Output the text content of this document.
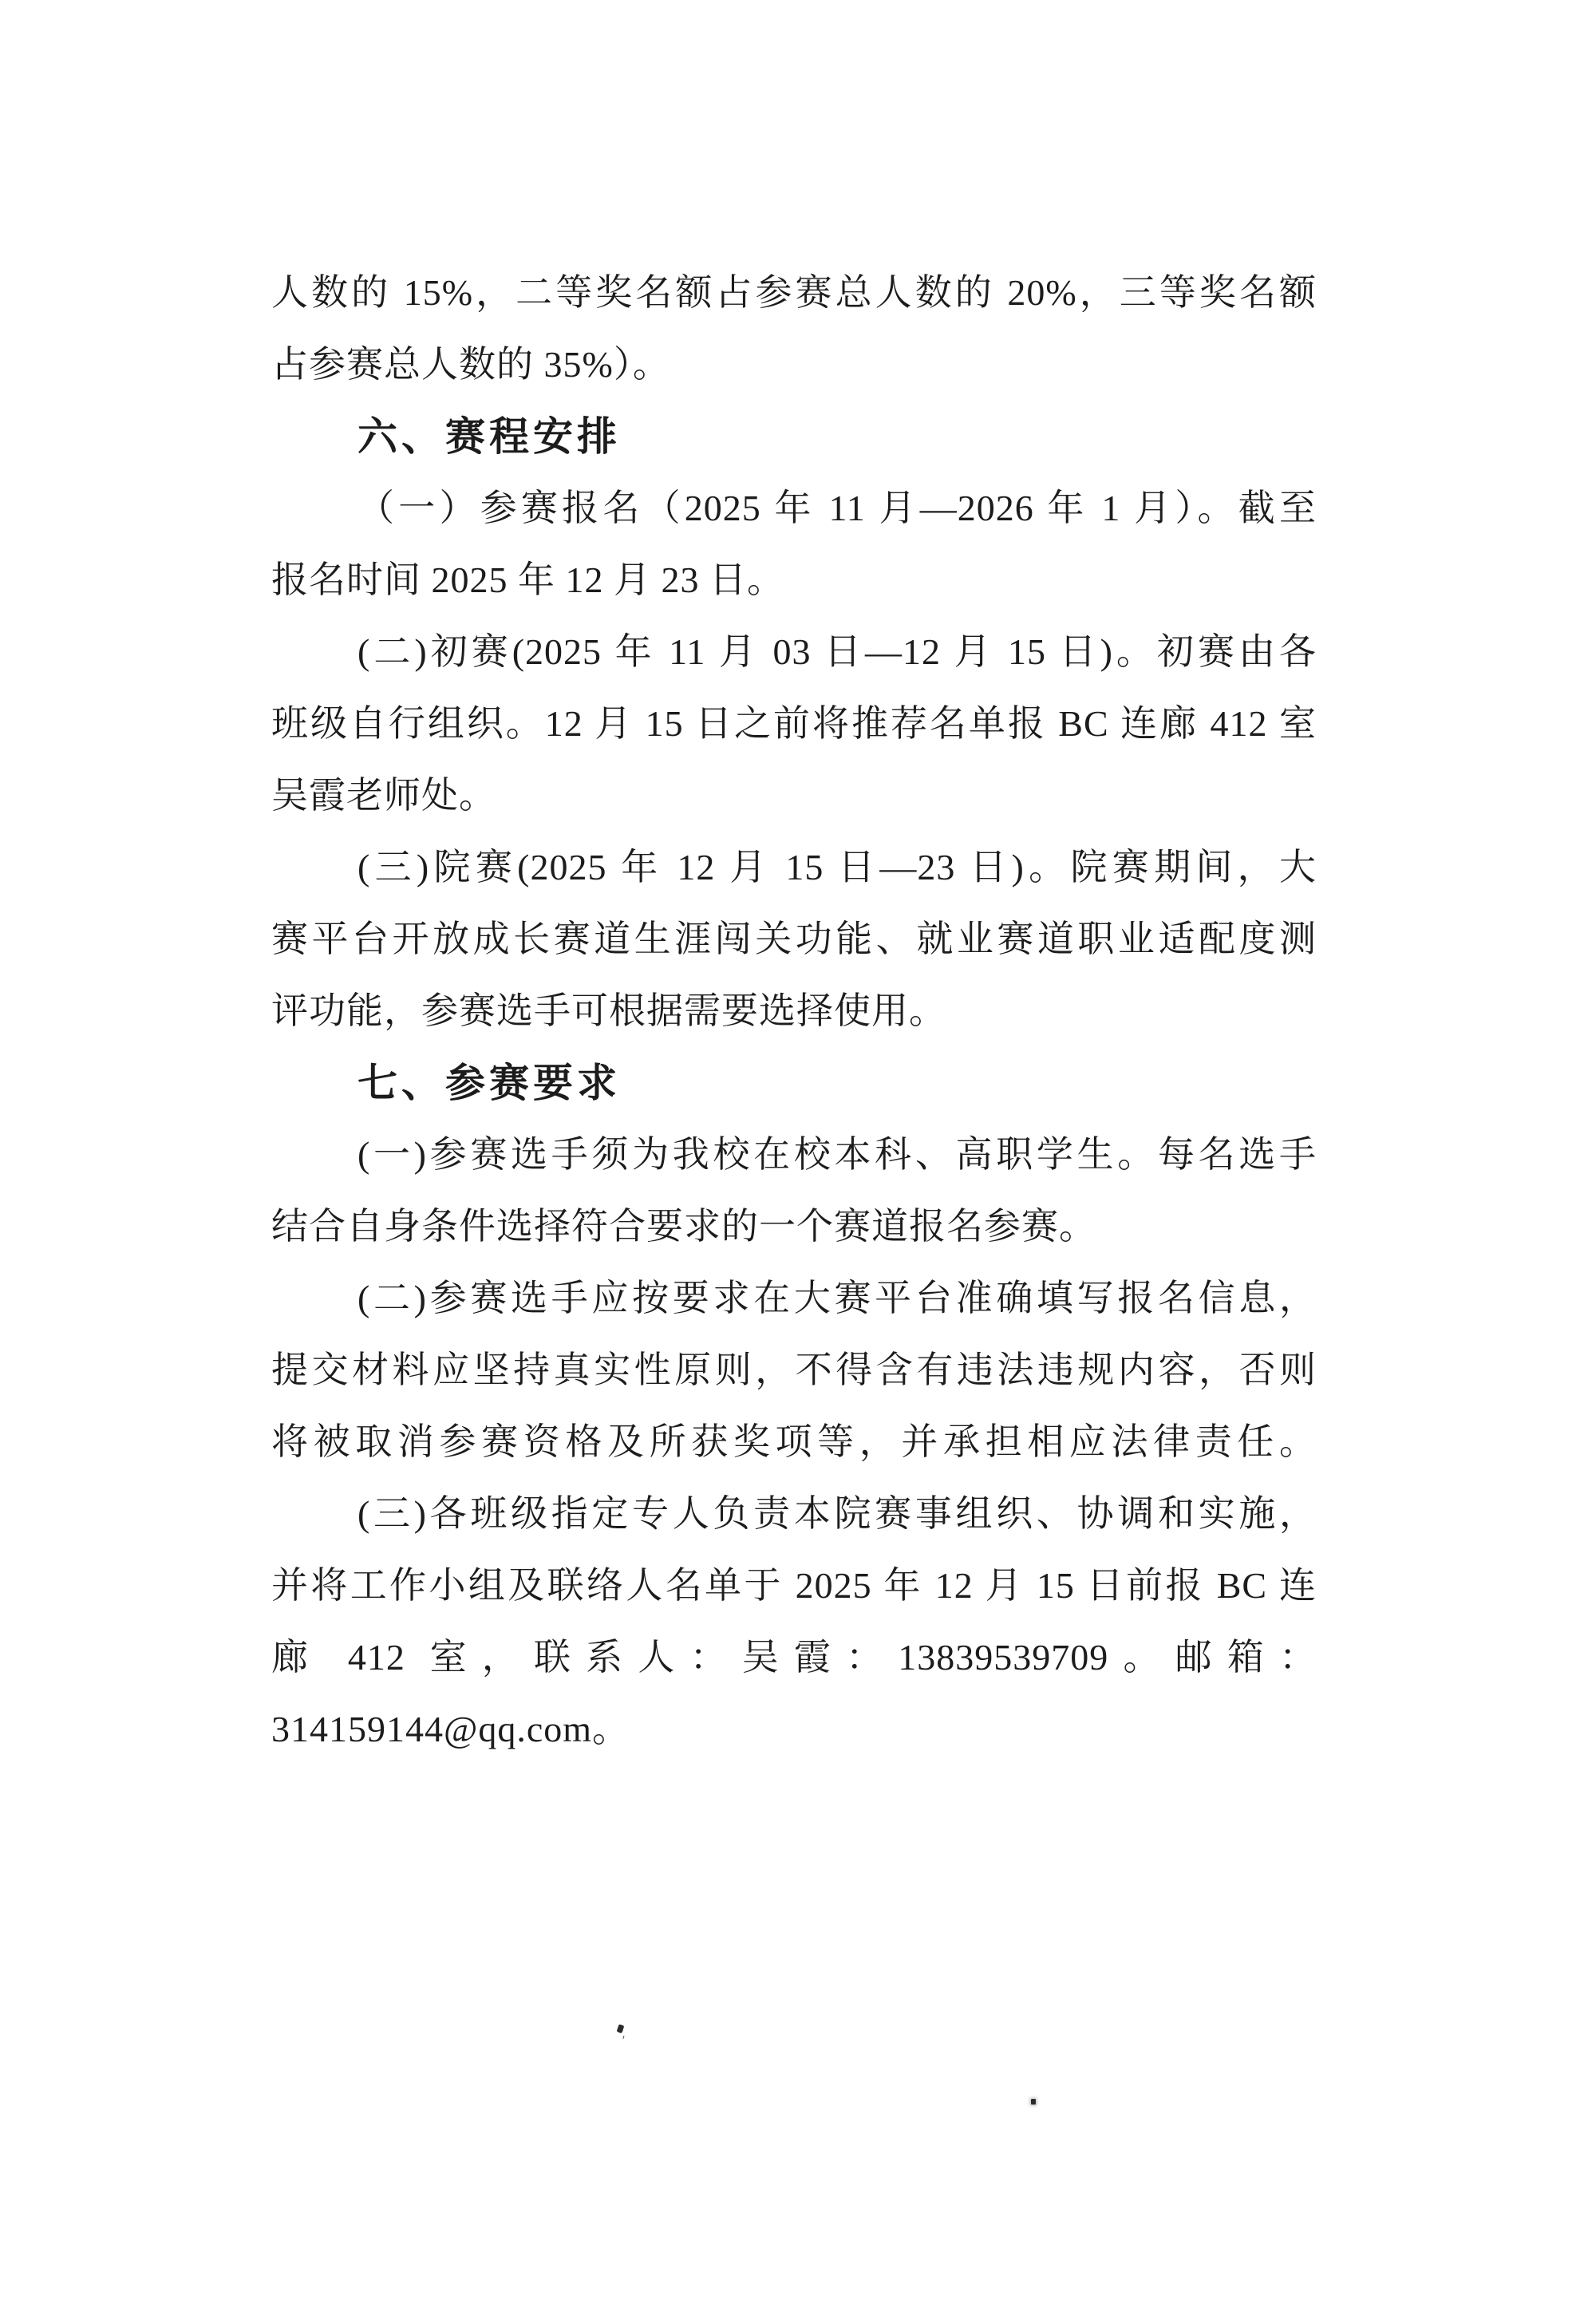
人数的 15%，二等奖名额占参赛总人数的 20%，三等奖名额
占参赛总人数的 35%）。
六、赛程安排
（一）参赛报名（2025 年 11 月—2026 年 1 月）。截至
报名时间 2025 年 12 月 23 日。
(二)初赛(2025 年 11 月 03 日—12 月 15 日)。初赛由各
班级自行组织。12 月 15 日之前将推荐名单报 BC 连廊 412 室
吴霞老师处。
(三)院赛(2025 年 12 月 15 日—23 日)。院赛期间，大
赛平台开放成长赛道生涯闯关功能、就业赛道职业适配度测
评功能，参赛选手可根据需要选择使用。
七、参赛要求
(一)参赛选手须为我校在校本科、高职学生。每名选手
结合自身条件选择符合要求的一个赛道报名参赛。
(二)参赛选手应按要求在大赛平台准确填写报名信息，
提交材料应坚持真实性原则，不得含有违法违规内容，否则
将被取消参赛资格及所获奖项等，并承担相应法律责任。
(三)各班级指定专人负责本院赛事组织、协调和实施，
并将工作小组及联络人名单于 2025 年 12 月 15 日前报 BC 连
廊 412 室，联系人：吴霞：13839539709。邮箱：
314159144@qq.com。
